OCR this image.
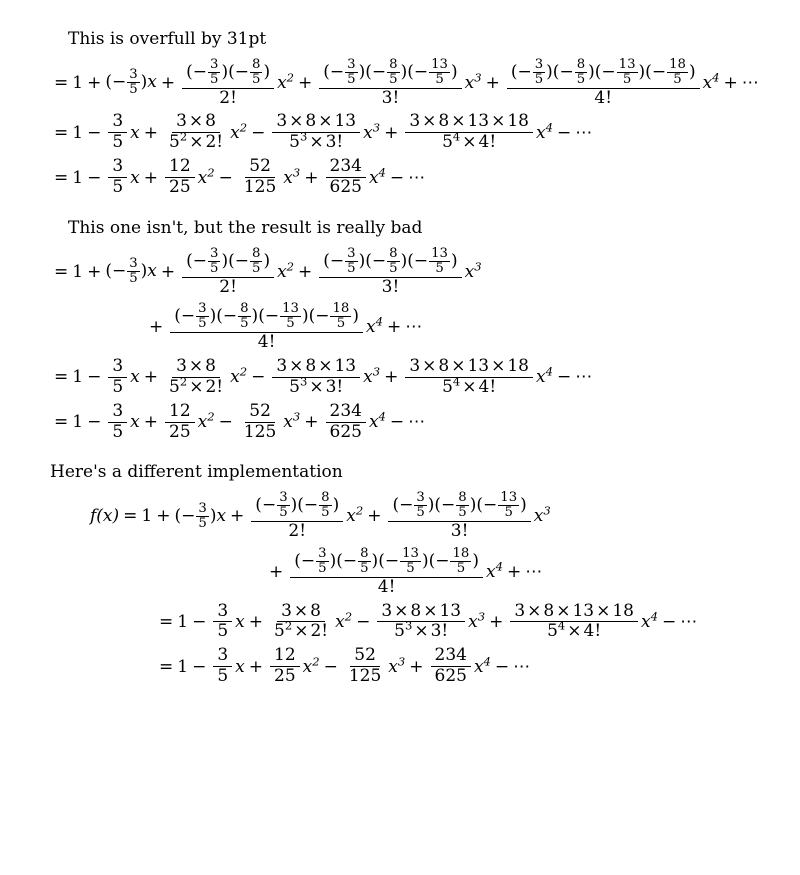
This is overfull by 31pt

= 1 + (− $\frac{3}{5} )x + \frac{(- \frac{3}{5} )(- \frac{8}{5} )}{2!} x^2 + \frac{(- \frac{3}{5} )(- \frac{8}{5} )(- \frac{13}{5} )}{3!} x^3 + \frac{(- \frac{3}{5} )(- \frac{8}{5} )(- \frac{13}{5} )(- \frac{18}{5} )}{4!} x^4$ + ⋯
= $1 - \frac{3}{5}$ $x + \frac{3 \times 8}{5^2 \times 2!} x^2 - \frac{3 \times 8 \times 13}{5^3 \times 3!} x^3 + \frac{3 \times 8 \times 13 \times 18}{5^4 \times 4!} x^4$ − ⋯
= $1 - \frac{3}{5}$ $x + \frac{12}{25} x^2 - \frac{52}{125} x^3 + \frac{234}{625} x^4$ − ⋯

This one isn't, but the result is really bad

= 1 + (− $\frac{3}{5} )x + \frac{(- \frac{3}{5} )(- \frac{8}{5} )}{2!} x^2 + \frac{(- \frac{3}{5} )(- \frac{8}{5} )(- \frac{13}{5} )}{3!} x^3$
+ $\frac{(- \frac{3}{5} )(- \frac{8}{5} )(- \frac{13}{5} )(- \frac{18}{5} )}{4!} x^4$ + ⋯
= $1 - \frac{3}{5}$ $x + \frac{3 \times 8}{5^2 \times 2!} x^2 - \frac{3 \times 8 \times 13}{5^3 \times 3!} x^3 + \frac{3 \times 8 \times 13 \times 18}{5^4 \times 4!} x^4$ − ⋯
= $1 - \frac{3}{5}$ $x + \frac{12}{25} x^2 - \frac{52}{125} x^3 + \frac{234}{625} x^4$ − ⋯

Here's a different implementation

f(x) = 1 + (− $\frac{3}{5} )x + \frac{(- \frac{3}{5} )(- \frac{8}{5} )}{2!} x^2 + \frac{(- \frac{3}{5} )(- \frac{8}{5} )(- \frac{13}{5} )}{3!} x^3$
+ $\frac{(- \frac{3}{5} )(- \frac{8}{5} )(- \frac{13}{5} )(- \frac{18}{5} )}{4!} x^4$ + ⋯
= $1 - \frac{3}{5}$ $x + \frac{3 \times 8}{5^2 \times 2!} x^2 - \frac{3 \times 8 \times 13}{5^3 \times 3!} x^3 + \frac{3 \times 8 \times 13 \times 18}{5^4 \times 4!} x^4$ − ⋯
= $1 - \frac{3}{5}$ $x + \frac{12}{25} x^2 - \frac{52}{125} x^3 + \frac{234}{625} x^4$ − ⋯
